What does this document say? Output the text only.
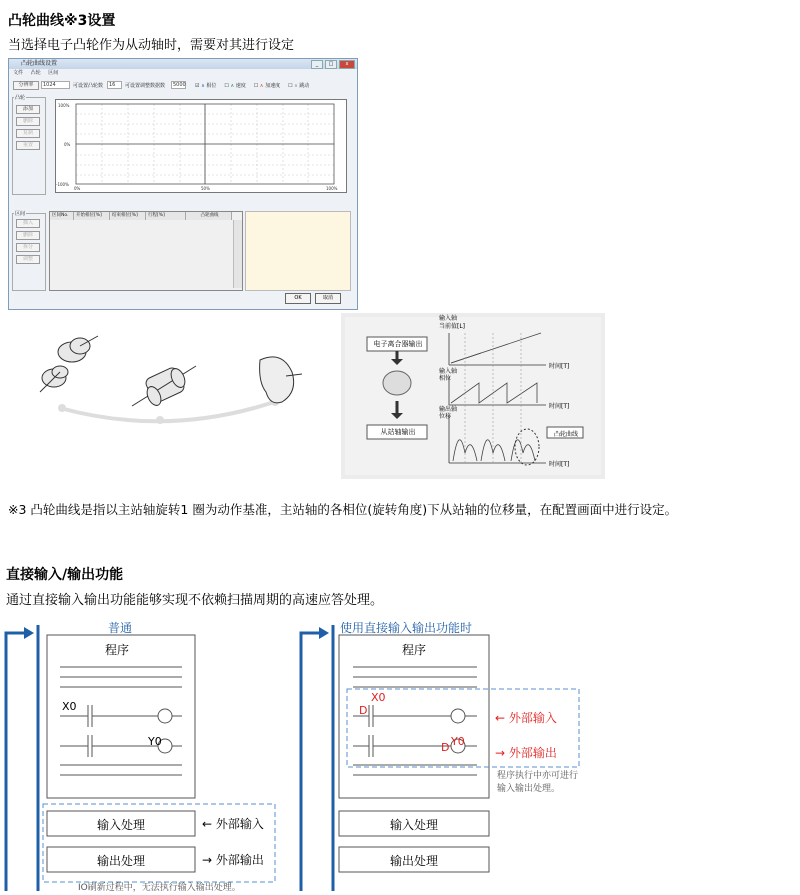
凸轮曲线※3设置
当选择电子凸轮作为从动轴时，需要对其进行设定
凸轮曲线设置	_	□	x
文件 凸轮 区间
分辨率	1024	可设置凸轮数	16	可设置调整数据数	5000 ☑ ∧ 相位 ☐ ∧ 速度 ☐ ∧ 加速度 ☐ ∧ 跳动
凸轮
添加
删除
复制
重置
100%
0%
-100%
0%	50%	100%
区间
插入
删除
拆分
调整
区间No.	开始相位[%]	结束相位[%]	行程[%]	凸轮曲线
OK	取消
电子离合器输出
从站轴输出
输入轴
当前值[L]
输入轴
相位
输出轴
位移
时间[T]
时间[T]
时间[T]
凸轮曲线
※3 凸轮曲线是指以主站轴旋转1 圈为动作基准，主站轴的各相位(旋转角度)下从站轴的位移量，在配置画面中进行设定。
直接输入/输出功能
通过直接输入输出功能能够实现不依赖扫描周期的高速应答处理。
普通
程序
X0
Y0
输入处理
输出处理
← 外部输入
→ 外部输出
IO刷新过程中，无法执行输入输出处理。
使用直接输入输出功能时
程序
X0
D
Y0
D
← 外部输入
→ 外部输出
程序执行中亦可进行
输入输出处理。
输入处理
输出处理
